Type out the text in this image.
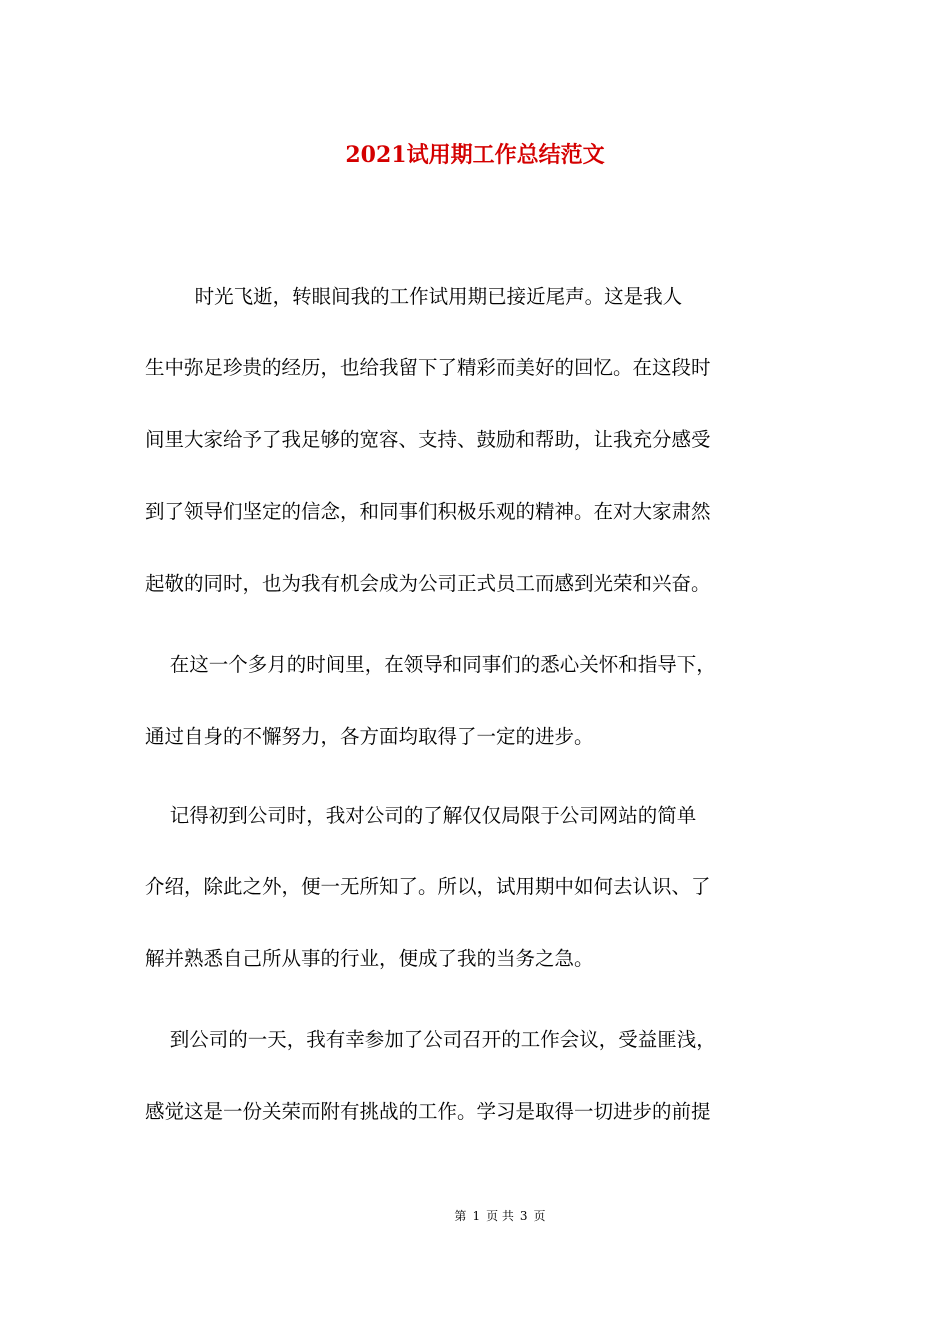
2021试用期工作总结范文

时光飞逝，转眼间我的工作试用期已接近尾声。这是我人

生中弥足珍贵的经历，也给我留下了精彩而美好的回忆。在这段时

间里大家给予了我足够的宽容、支持、鼓励和帮助，让我充分感受

到了领导们坚定的信念，和同事们积极乐观的精神。在对大家肃然

起敬的同时，也为我有机会成为公司正式员工而感到光荣和兴奋。

在这一个多月的时间里，在领导和同事们的悉心关怀和指导下，

通过自身的不懈努力，各方面均取得了一定的进步。

记得初到公司时，我对公司的了解仅仅局限于公司网站的简单

介绍，除此之外，便一无所知了。所以，试用期中如何去认识、了

解并熟悉自己所从事的行业，便成了我的当务之急。

到公司的一天，我有幸参加了公司召开的工作会议，受益匪浅，

感觉这是一份关荣而附有挑战的工作。学习是取得一切进步的前提

第 1 页 共 3 页
